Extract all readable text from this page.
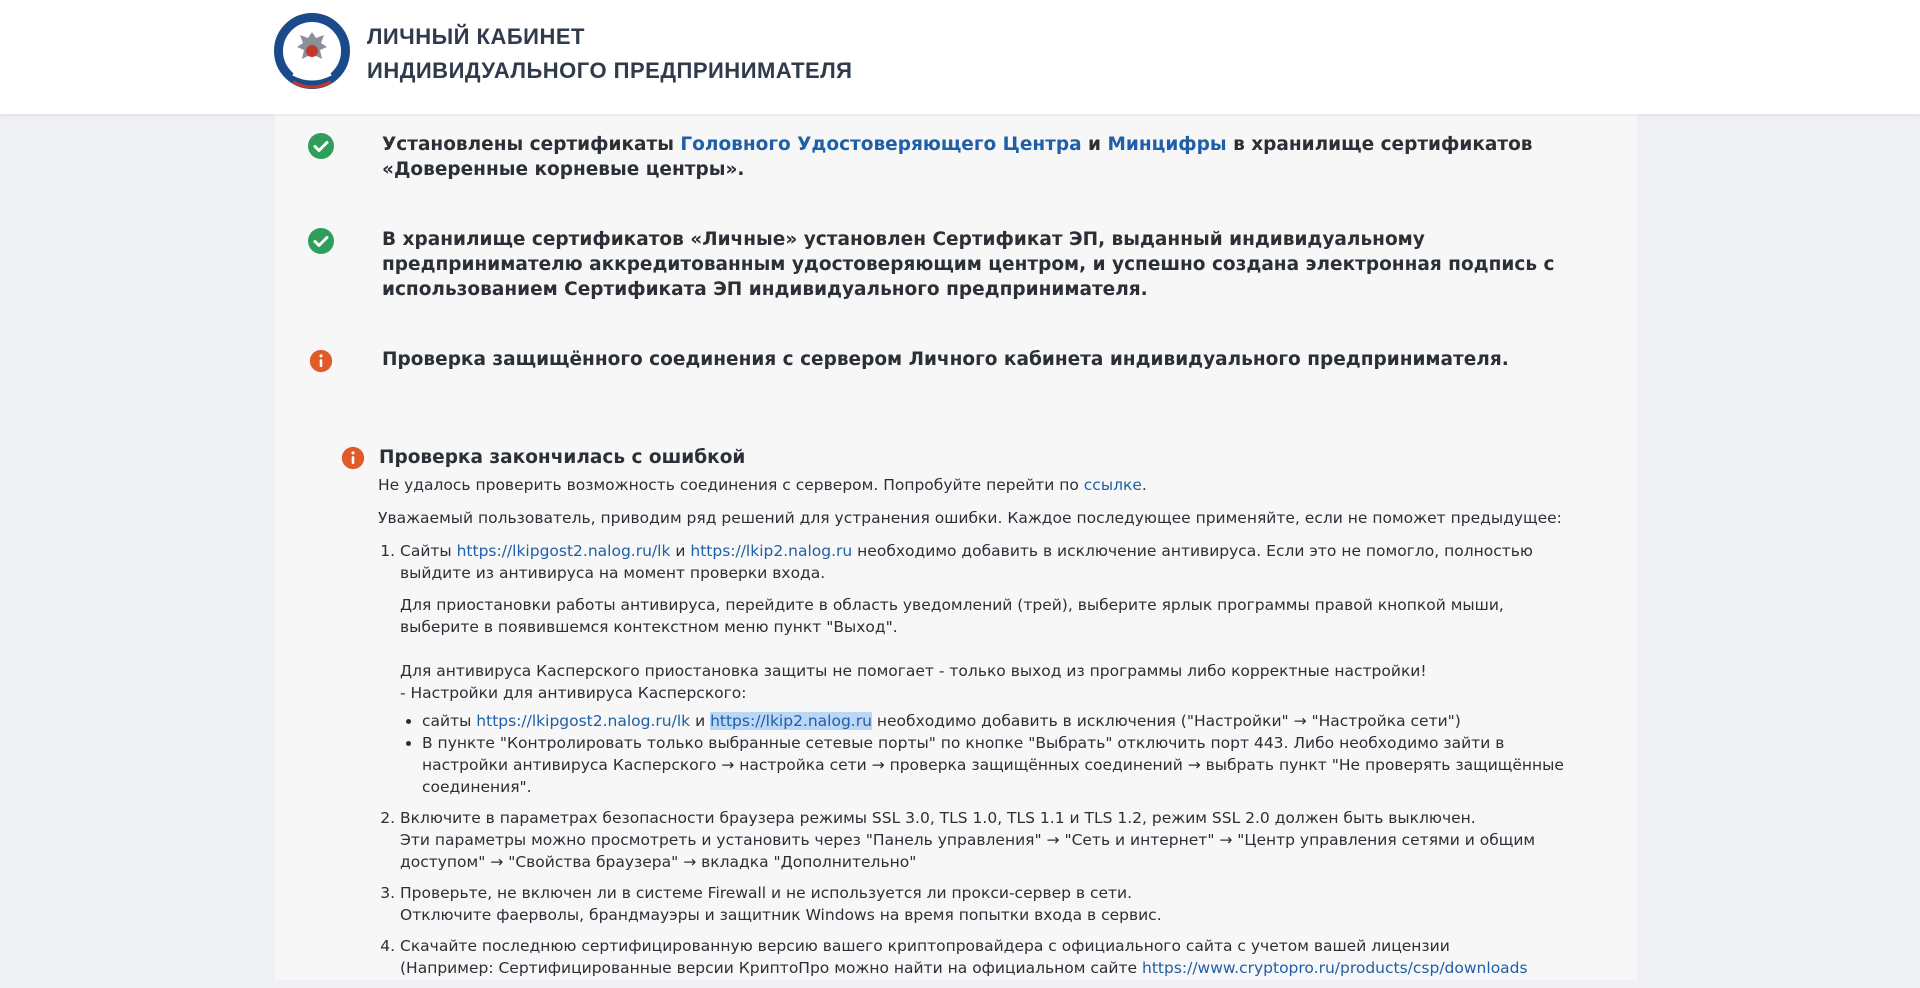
ЛИЧНЫЙ КАБИНЕТ
ИНДИВИДУАЛЬНОГО ПРЕДПРИНИМАТЕЛЯ
Установлены сертификаты Головного Удостоверяющего Центра и Минцифры в хранилище сертификатов «Доверенные корневые центры».
В хранилище сертификатов «Личные» установлен Сертификат ЭП, выданный индивидуальному предпринимателю аккредитованным удостоверяющим центром, и успешно создана электронная подпись с использованием Сертификата ЭП индивидуального предпринимателя.
Проверка защищённого соединения с сервером Личного кабинета индивидуального предпринимателя.
Проверка закончилась с ошибкой

Не удалось проверить возможность соединения с сервером. Попробуйте перейти по ссылке.

Уважаемый пользователь, приводим ряд решений для устранения ошибки. Каждое последующее применяйте, если не поможет предыдущее:

1. Сайты https://lkipgost2.nalog.ru/lk и https://lkip2.nalog.ru необходимо добавить в исключение антивируса. Если это не помогло, полностью выйдите из антивируса на момент проверки входа.
Для приостановки работы антивируса, перейдите в область уведомлений (трей), выберите ярлык программы правой кнопкой мыши, выберите в появившемся контекстном меню пункт "Выход".
Для антивируса Касперского приостановка защиты не помогает - только выход из программы либо корректные настройки!
- Настройки для антивируса Касперского:
• сайты https://lkipgost2.nalog.ru/lk и https://lkip2.nalog.ru необходимо добавить в исключения ("Настройки" → "Настройка сети")
• В пункте "Контролировать только выбранные сетевые порты" по кнопке "Выбрать" отключить порт 443. Либо необходимо зайти в настройки антивируса Касперского → настройка сети → проверка защищённых соединений → выбрать пункт "Не проверять защищённые соединения".
2. Включите в параметрах безопасности браузера режимы SSL 3.0, TLS 1.0, TLS 1.1 и TLS 1.2, режим SSL 2.0 должен быть выключен.
Эти параметры можно просмотреть и установить через "Панель управления" → "Сеть и интернет" → "Центр управления сетями и общим доступом" → "Свойства браузера" → вкладка "Дополнительно"
3. Проверьте, не включен ли в системе Firewall и не используется ли прокси-сервер в сети.
Отключите фаерволы, брандмауэры и защитник Windows на время попытки входа в сервис.
4. Скачайте последнюю сертифицированную версию вашего криптопровайдера с официального сайта с учетом вашей лицензии
(Например: Сертифицированные версии КриптоПро можно найти на официальном сайте https://www.cryptopro.ru/products/csp/downloads
